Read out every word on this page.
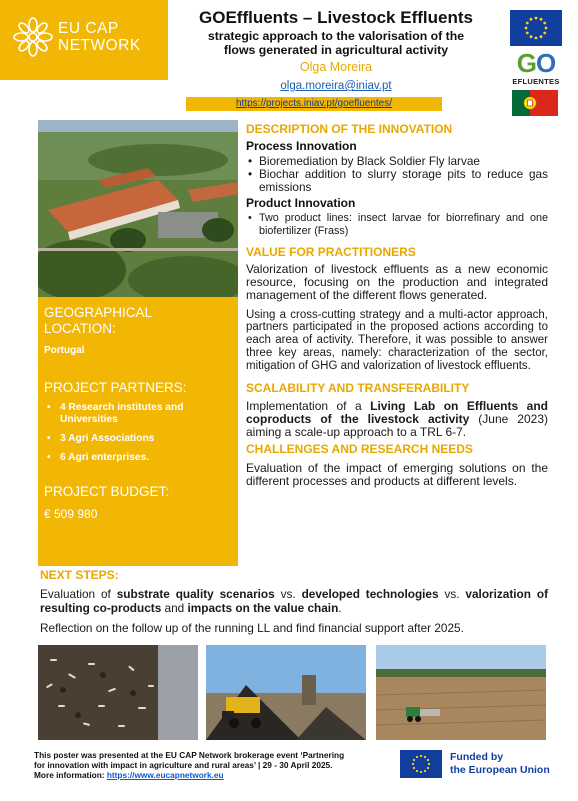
EU CAP
NETWORK
GOEffluents – Livestock Effluents
strategic approach to the valorisation of the
flows generated in agricultural activity
Olga Moreira
olga.moreira@iniav.pt
https://projects.iniav.pt/goefluentes/
GO
EFLUENTES
GEOGRAPHICAL
LOCATION:
Portugal
PROJECT PARTNERS:
• 4 Research institutes and Universities
• 3 Agri Associations
• 6 Agri enterprises.
PROJECT BUDGET:
€ 509 980
DESCRIPTION OF THE INNOVATION
Process Innovation
• Bioremediation by Black Soldier Fly larvae
• Biochar addition to slurry storage pits to reduce gas emissions
Product Innovation
• Two product lines: insect larvae for biorrefinary and one biofertilizer (Frass)
VALUE FOR PRACTITIONERS

Valorization of livestock effluents as a new economic resource, focusing on the production and integrated management of the different flows generated.

Using a cross-cutting strategy and a multi-actor approach, partners participated in the proposed actions according to each area of activity. Therefore, it was possible to answer three key areas, namely: characterization of the sector, mitigation of GHG and valorization of livestock effluents.

SCALABILITY AND TRANSFERABILITY

Implementation of a Living Lab on Effluents and coproducts of the livestock activity (June 2023) aiming a scale-up approach to a TRL 6-7.

CHALLENGES AND RESEARCH NEEDS

Evaluation of the impact of emerging solutions on the different processes and products at different levels.

NEXT STEPS:

Evaluation of substrate quality scenarios vs. developed technologies vs. valorization of resulting co-products and impacts on the value chain.

Reflection on the follow up of the running LL and find financial support after 2025.

This poster was presented at the EU CAP Network brokerage event ‘Partnering
for innovation with impact in agriculture and rural areas’ | 29 - 30 April 2025.
More information: https://www.eucapnetwork.eu
Funded by
the European Union
